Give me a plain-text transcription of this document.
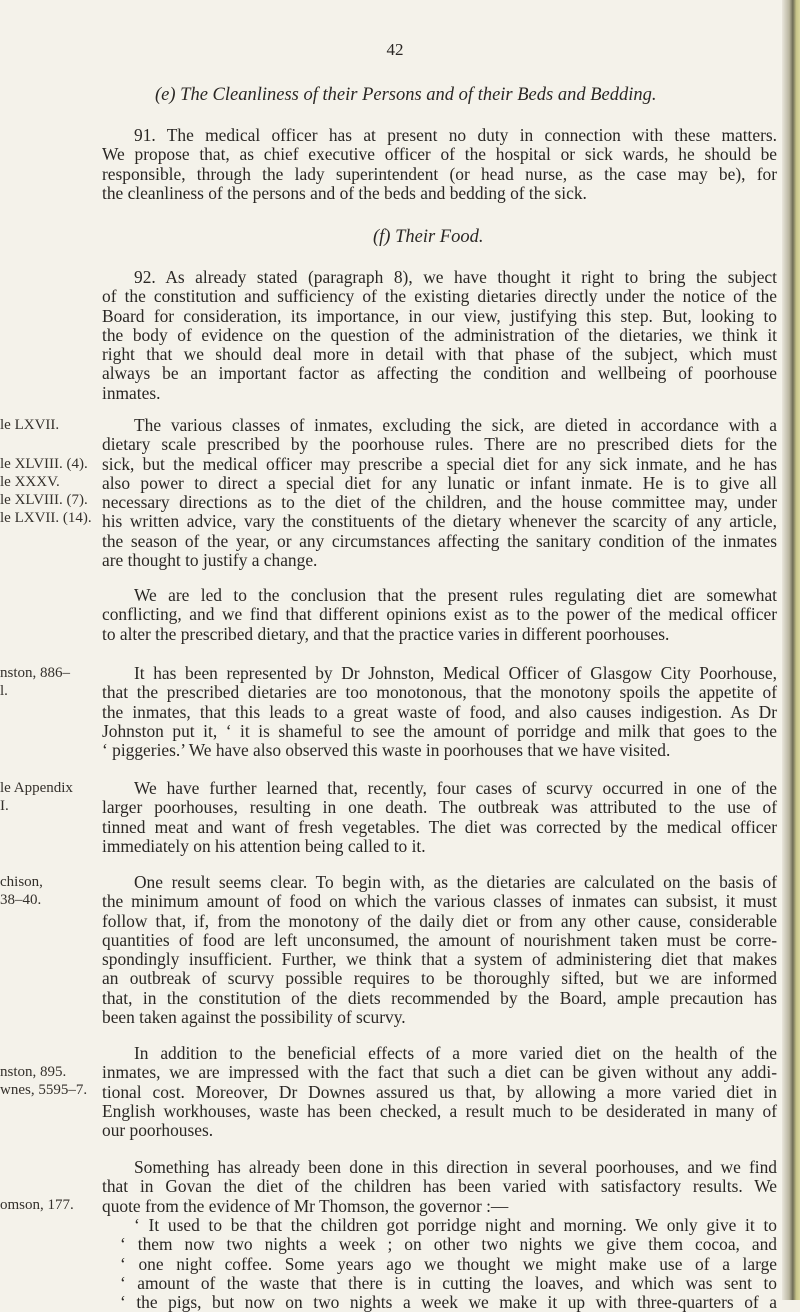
42
(e) The Cleanliness of their Persons and of their Beds and Bedding.
91. The medical officer has at present no duty in connection with these matters.
We propose that, as chief executive officer of the hospital or sick wards, he should be
responsible, through the lady superintendent (or head nurse, as the case may be), for
the cleanliness of the persons and of the beds and bedding of the sick.
(f) Their Food.
92. As already stated (paragraph 8), we have thought it right to bring the subject
of the constitution and sufficiency of the existing dietaries directly under the notice of the
Board for consideration, its importance, in our view, justifying this step. But, looking to
the body of evidence on the question of the administration of the dietaries, we think it
right that we should deal more in detail with that phase of the subject, which must
always be an important factor as affecting the condition and wellbeing of poorhouse
inmates.
The various classes of inmates, excluding the sick, are dieted in accordance with a
dietary scale prescribed by the poorhouse rules. There are no prescribed diets for the
sick, but the medical officer may prescribe a special diet for any sick inmate, and he has
also power to direct a special diet for any lunatic or infant inmate. He is to give all
necessary directions as to the diet of the children, and the house committee may, under
his written advice, vary the constituents of the dietary whenever the scarcity of any article,
the season of the year, or any circumstances affecting the sanitary condition of the inmates
are thought to justify a change.
We are led to the conclusion that the present rules regulating diet are somewhat
conflicting, and we find that different opinions exist as to the power of the medical officer
to alter the prescribed dietary, and that the practice varies in different poorhouses.
It has been represented by Dr Johnston, Medical Officer of Glasgow City Poorhouse,
that the prescribed dietaries are too monotonous, that the monotony spoils the appetite of
the inmates, that this leads to a great waste of food, and also causes indigestion. As Dr
Johnston put it, ‘ it is shameful to see the amount of porridge and milk that goes to the
‘ piggeries.’ We have also observed this waste in poorhouses that we have visited.
We have further learned that, recently, four cases of scurvy occurred in one of the
larger poorhouses, resulting in one death. The outbreak was attributed to the use of
tinned meat and want of fresh vegetables. The diet was corrected by the medical officer
immediately on his attention being called to it.
One result seems clear. To begin with, as the dietaries are calculated on the basis of
the minimum amount of food on which the various classes of inmates can subsist, it must
follow that, if, from the monotony of the daily diet or from any other cause, considerable
quantities of food are left unconsumed, the amount of nourishment taken must be corre-
spondingly insufficient. Further, we think that a system of administering diet that makes
an outbreak of scurvy possible requires to be thoroughly sifted, but we are informed
that, in the constitution of the diets recommended by the Board, ample precaution has
been taken against the possibility of scurvy.
In addition to the beneficial effects of a more varied diet on the health of the
inmates, we are impressed with the fact that such a diet can be given without any addi-
tional cost. Moreover, Dr Downes assured us that, by allowing a more varied diet in
English workhouses, waste has been checked, a result much to be desiderated in many of
our poorhouses.
Something has already been done in this direction in several poorhouses, and we find
that in Govan the diet of the children has been varied with satisfactory results. We
quote from the evidence of Mr Thomson, the governor :—
‘ It used to be that the children got porridge night and morning. We only give it to
‘ them now two nights a week ; on other two nights we give them cocoa, and
‘ one night coffee. Some years ago we thought we might make use of a large
‘ amount of the waste that there is in cutting the loaves, and which was sent to
‘ the pigs, but now on two nights a week we make it up with three-quarters of a
le LXVII.
le XLVIII. (4).
le XXXV.
le XLVIII. (7).
le LXVII. (14).
nston, 886–
l.
le Appendix
I.
chison,
38–40.
nston, 895.
wnes, 5595–7.
omson, 177.
